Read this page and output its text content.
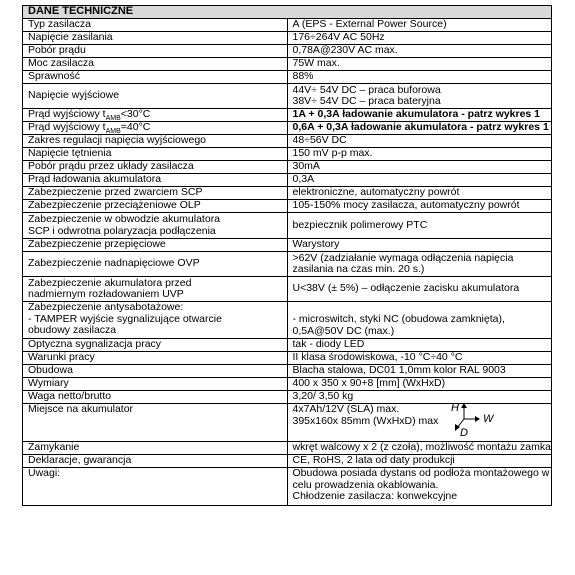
DANE TECHNICZNE	

Typ zasilacza	A (EPS - External Power Source)

Napięcie zasilania	176÷264V AC 50Hz

Pobór prądu	0,78A@230V AC max.

Moc zasilacza	75W max.

Sprawność	88%

Napięcie wyjściowe	44V÷ 54V DC – praca buforowa
38V÷ 54V DC – praca bateryjna

Prąd wyjściowy $t_{AMB}<30^\circ C$	1A + 0,3A ładowanie akumulatora - patrz wykres 1

Prąd wyjściowy $t_{AMB}=40^\circ C$	0,6A + 0,3A ładowanie akumulatora - patrz wykres 1

Zakres regulacji napięcia wyjściowego	48÷56V DC

Napięcie tętnienia	150 mV p-p max.

Pobór prądu przez układy zasilacza	30mA

Prąd ładowania akumulatora	0,3A

Zabezpieczenie przed zwarciem SCP	elektroniczne, automatyczny powrót

Zabezpieczenie przeciążeniowe OLP	105-150% mocy zasilacza, automatyczny powrót

Zabezpieczenie w obwodzie akumulatora
SCP i odwrotna polaryzacja podłączenia	bezpiecznik polimerowy PTC

Zabezpieczenie przepięciowe	Warystory

Zabezpieczenie nadnapięciowe OVP	>62V (zadziałanie wymaga odłączenia napięcia
zasilania na czas min. 20 s.)

Zabezpieczenie akumulatora przed
nadmiernym rozładowaniem UVP	U<38V (± 5%) – odłączenie zacisku akumulatora

Zabezpieczenie antysabotażowe:
- TAMPER wyjście sygnalizujące otwarcie
obudowy zasilacza	- microswitch, styki NC (obudowa zamknięta),
0,5A@50V DC (max.)

Optyczna sygnalizacja pracy	tak - diody LED

Warunki pracy	II klasa środowiskowa, -10 °C÷40 °C

Obudowa	Blacha stalowa, DC01 1,0mm kolor RAL 9003

Wymiary	400 x 350 x 90+8 [mm] (WxHxD)

Waga netto/brutto	3,20/ 3,50 kg

Miejsce na akumulator	4x7Ah/12V (SLA) max.
395x160x 85mm (WxHxD) max
H
W
D

Zamykanie	wkręt walcowy x 2 (z czoła), możliwość montażu zamka

Deklaracje, gwarancja	CE, RoHS, 2 lata od daty produkcji

Uwagi:	Obudowa posiada dystans od podłoża montażowego w
celu prowadzenia okablowania.
Chłodzenie zasilacza: konwekcyjne
